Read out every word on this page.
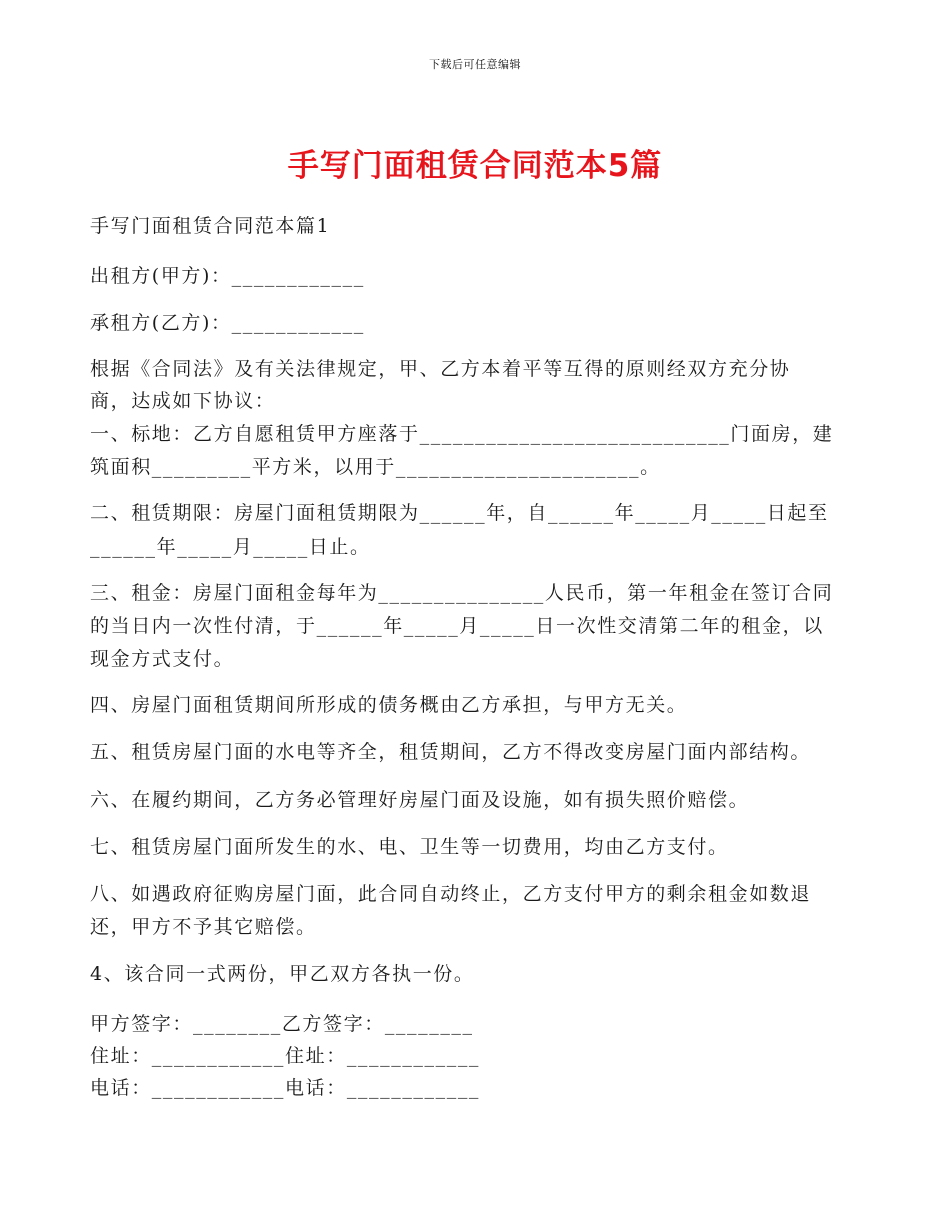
下载后可任意编辑
手写门面租赁合同范本5篇
手写门面租赁合同范本篇1
出租方(甲方)：____________
承租方(乙方)：____________
根据《合同法》及有关法律规定，甲、乙方本着平等互得的原则经双方充分协
商，达成如下协议：
一、标地：乙方自愿租赁甲方座落于____________________________门面房，建
筑面积_________平方米，以用于______________________。
二、租赁期限：房屋门面租赁期限为______年，自______年_____月_____日起至
______年_____月_____日止。
三、租金：房屋门面租金每年为_______________人民币，第一年租金在签订合同
的当日内一次性付清，于______年_____月_____日一次性交清第二年的租金，以
现金方式支付。
四、房屋门面租赁期间所形成的债务概由乙方承担，与甲方无关。
五、租赁房屋门面的水电等齐全，租赁期间，乙方不得改变房屋门面内部结构。
六、在履约期间，乙方务必管理好房屋门面及设施，如有损失照价赔偿。
七、租赁房屋门面所发生的水、电、卫生等一切费用，均由乙方支付。
八、如遇政府征购房屋门面，此合同自动终止，乙方支付甲方的剩余租金如数退
还，甲方不予其它赔偿。
4、该合同一式两份，甲乙双方各执一份。
甲方签字：________乙方签字：________
住址：____________住址：____________
电话：____________电话：____________
